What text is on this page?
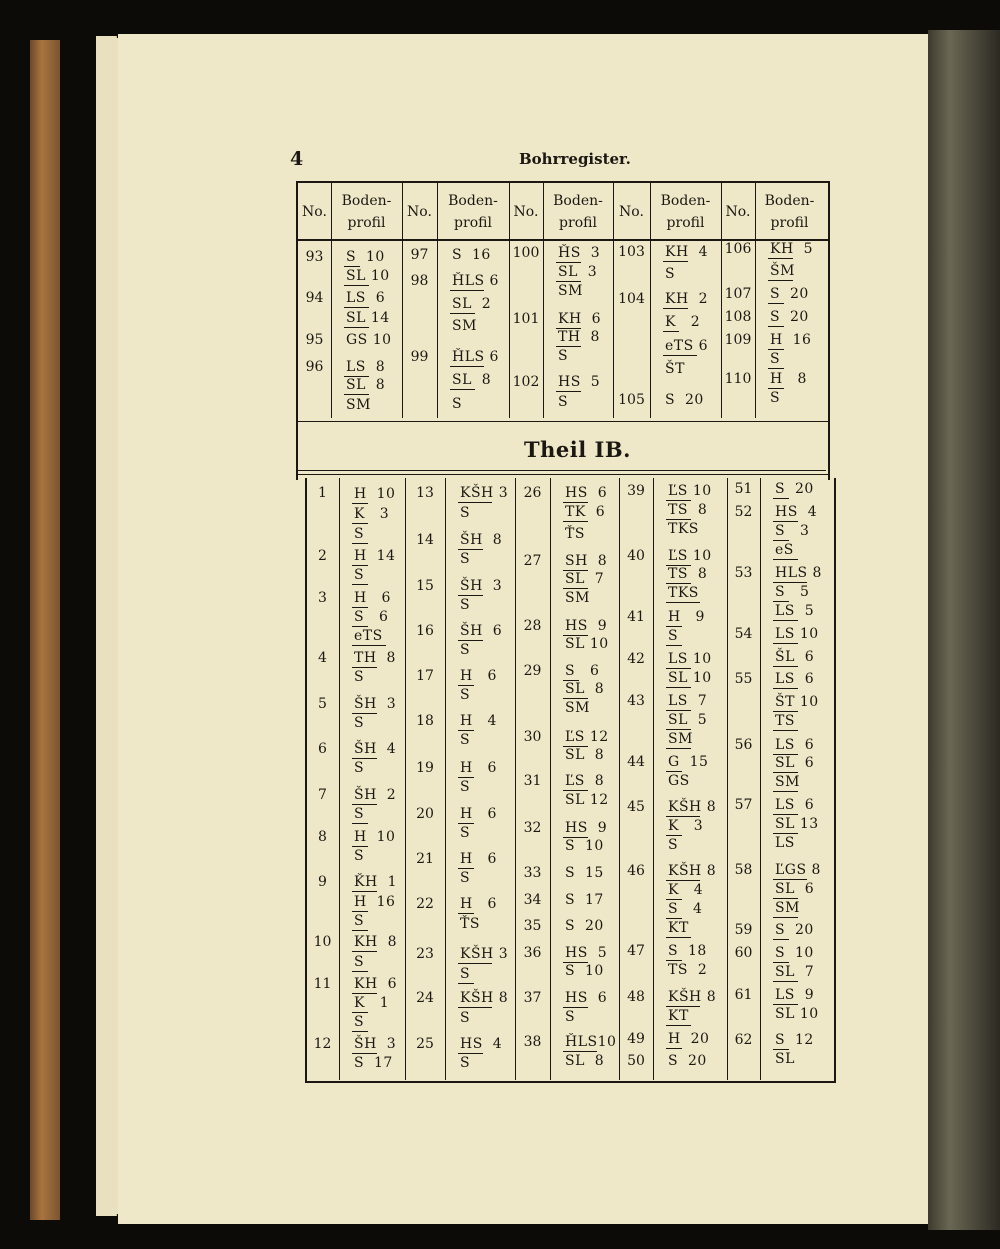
4	Bohrregister.
Theil IB.
No.
Boden-
profil
No.
Boden-
profil
No.
Boden-
profil
No.
Boden-
profil
No.
Boden-
profil
93
94
95
96
97
98
99
100
101
102
103
104
105
106
107
108
109
110
S  10
SL 10
LS  6
SL 14
GS 10
LS  8
SL  8
SM
S  16
ȞLS 6
SL  2
SM
ȞLS 6
SL  8
S
ȞS  3
SL  3
SM
KH  6
TH  8
S
HS  5
S
KH  4
S
KH  2
K   2
eTS 6
ŠT
S  20
KH  5
ŠM
S  20
S  20
H  16
S
H   8
S
1
2
3
4
5
6
7
8
9
10
11
12
13
14
15
16
17
18
19
20
21
22
23
24
25
26
27
28
29
30
31
32
33
34
35
36
37
38
39
40
41
42
43
44
45
46
47
48
49
50
51
52
53
54
55
56
57
58
59
60
61
62
H  10
K   3
S
H  14
S
H   6
S   6
eTS
TH  8
S
ŠH  3
S
ŠH  4
S
ŠH  2
S
H  10
S
ǨH  1
H  16
S
KH  8
S
KH  6
K   1
S
ŠH  3
S  17
KŠH 3
S
ŠH  8
S
ŠH  3
S
ŠH  6
S
H   6
S
H   4
S
H   6
S
H   6
S
H   6
S
H   6
ŤS
KŠH 3
S
KŠH 8
S
HS  4
S
HS  6
TK  6
ŤS
SH  8
SL  7
SM
HS  9
SL 10
S   6
SL  8
SM
ĽS 12
SL  8
ĽS  8
SL 12
HS  9
S  10
S  15
S  17
S  20
HS  5
S  10
HS  6
S
ȞLS10
SL  8
ĽS 10
TS  8
TKS
ĽS 10
TS  8
TKS
H   9
S
LS 10
SL 10
LS  7
SL  5
SM
G  15
GS
KŠH 8
K   3
S
KŠH 8
K   4
S   4
KT
S  18
TS  2
KŠH 8
KT
H  20
S  20
S  20
HS  4
S   3
eS
HLS 8
S   5
LS  5
LS 10
ŠL  6
LS  6
ŠT 10
TS
LS  6
SL  6
SM
LS  6
SL 13
LS
ĽGS 8
SL  6
SM
S  20
S  10
SL  7
LS  9
SL 10
S  12
SL
